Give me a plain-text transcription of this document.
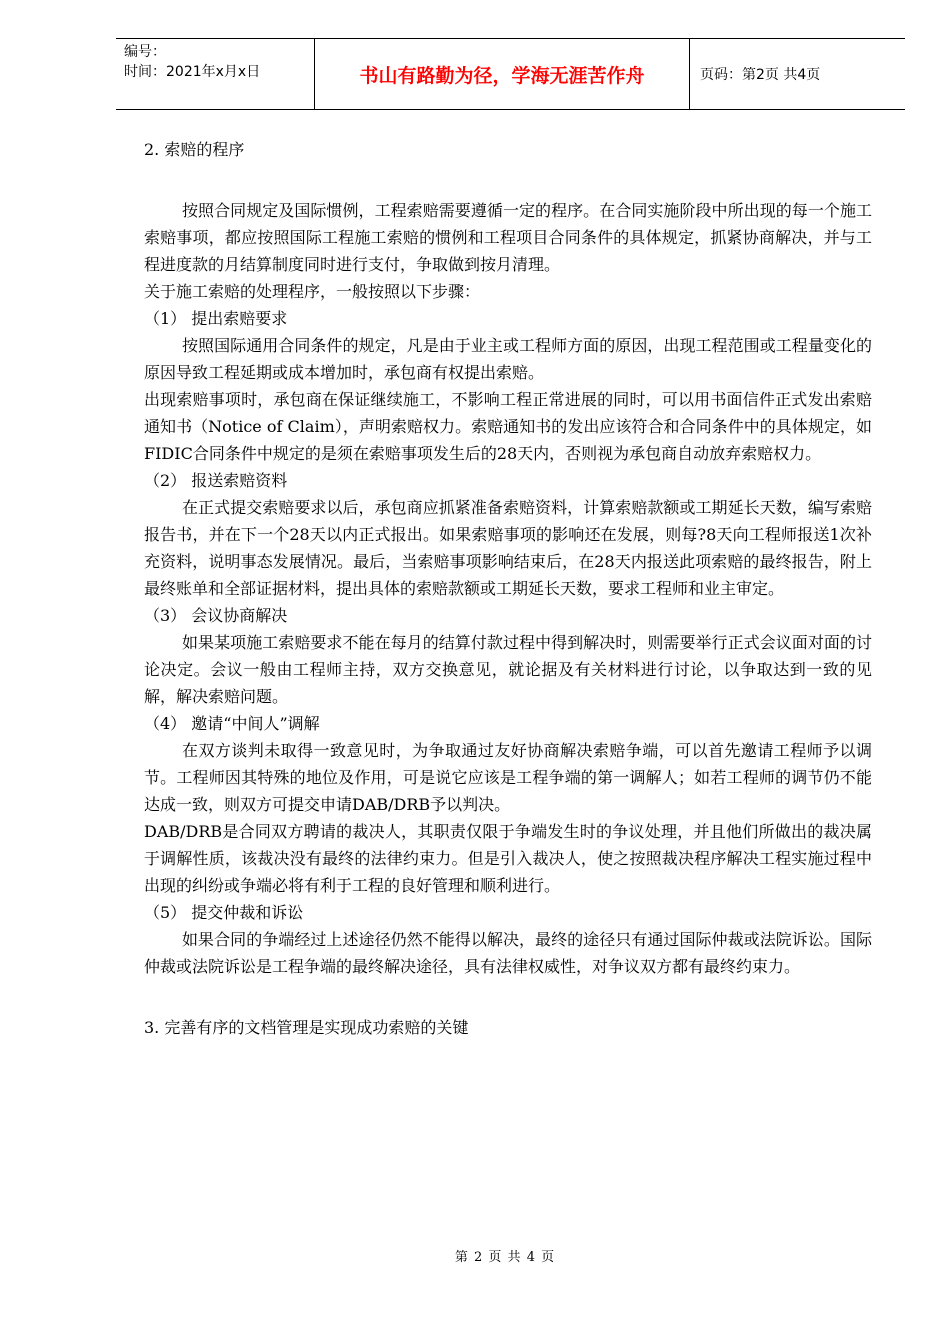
编号：
时间：2021年x月x日	书山有路勤为径，学海无涯苦作舟	页码：第2页 共4页

2. 索赔的程序

按照合同规定及国际惯例，工程索赔需要遵循一定的程序。在合同实施阶段中所出现的每一个施工索赔事项，都应按照国际工程施工索赔的惯例和工程项目合同条件的具体规定，抓紧协商解决，并与工程进度款的月结算制度同时进行支付，争取做到按月清理。

关于施工索赔的处理程序，一般按照以下步骤：

（1） 提出索赔要求

按照国际通用合同条件的规定，凡是由于业主或工程师方面的原因，出现工程范围或工程量变化的原因导致工程延期或成本增加时，承包商有权提出索赔。

出现索赔事项时，承包商在保证继续施工，不影响工程正常进展的同时，可以用书面信件正式发出索赔通知书（Notice of Claim），声明索赔权力。索赔通知书的发出应该符合和合同条件中的具体规定，如FIDIC合同条件中规定的是须在索赔事项发生后的28天内，否则视为承包商自动放弃索赔权力。

（2） 报送索赔资料

在正式提交索赔要求以后，承包商应抓紧准备索赔资料，计算索赔款额或工期延长天数，编写索赔报告书，并在下一个28天以内正式报出。如果索赔事项的影响还在发展，则每?8天向工程师报送1次补充资料，说明事态发展情况。最后，当索赔事项影响结束后，在28天内报送此项索赔的最终报告，附上最终账单和全部证据材料，提出具体的索赔款额或工期延长天数，要求工程师和业主审定。

（3） 会议协商解决

如果某项施工索赔要求不能在每月的结算付款过程中得到解决时，则需要举行正式会议面对面的讨论决定。会议一般由工程师主持，双方交换意见，就论据及有关材料进行讨论，以争取达到一致的见解，解决索赔问题。

（4） 邀请“中间人”调解

在双方谈判未取得一致意见时，为争取通过友好协商解决索赔争端，可以首先邀请工程师予以调节。工程师因其特殊的地位及作用，可是说它应该是工程争端的第一调解人；如若工程师的调节仍不能达成一致，则双方可提交申请DAB/DRB予以判决。

DAB/DRB是合同双方聘请的裁决人，其职责仅限于争端发生时的争议处理，并且他们所做出的裁决属于调解性质，该裁决没有最终的法律约束力。但是引入裁决人，使之按照裁决程序解决工程实施过程中出现的纠纷或争端必将有利于工程的良好管理和顺利进行。

（5） 提交仲裁和诉讼

如果合同的争端经过上述途径仍然不能得以解决，最终的途径只有通过国际仲裁或法院诉讼。国际仲裁或法院诉讼是工程争端的最终解决途径，具有法律权威性，对争议双方都有最终约束力。

3. 完善有序的文档管理是实现成功索赔的关键

第 2 页 共 4 页
